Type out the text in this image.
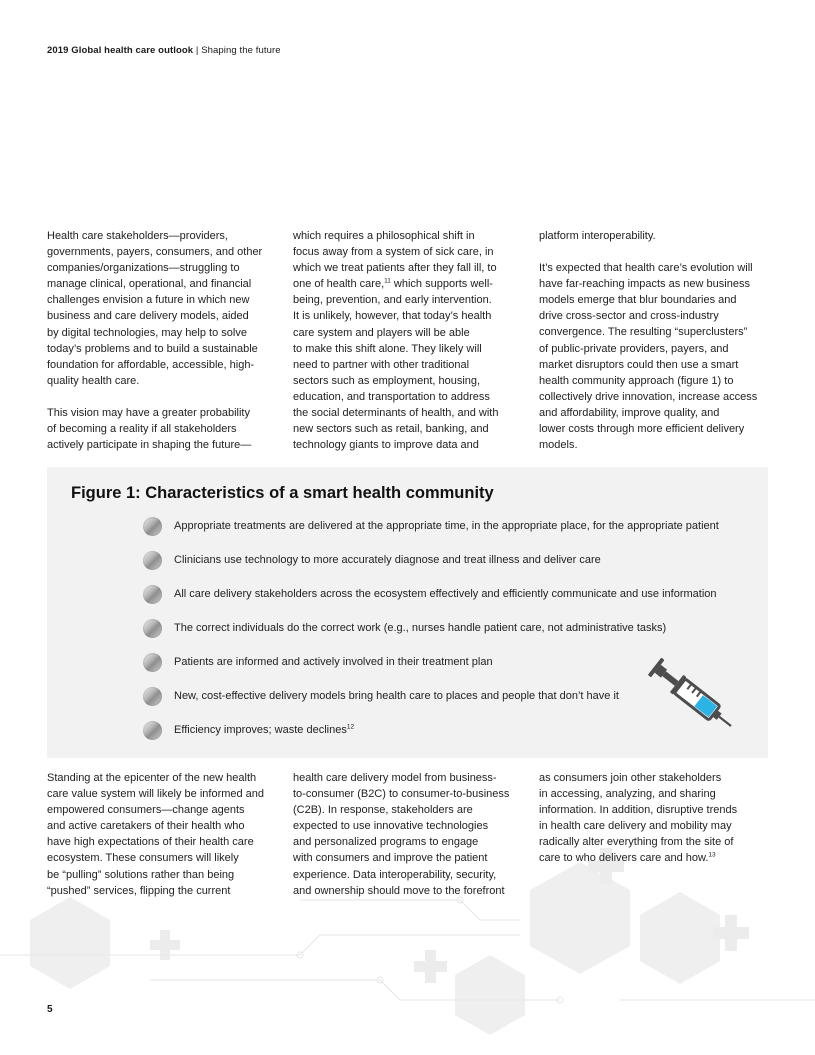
2019 Global health care outlook | Shaping the future

Health care stakeholders—providers,
governments, payers, consumers, and other
companies/organizations—struggling to
manage clinical, operational, and financial
challenges envision a future in which new
business and care delivery models, aided
by digital technologies, may help to solve
today’s problems and to build a sustainable
foundation for affordable, accessible, high-
quality health care.

This vision may have a greater probability
of becoming a reality if all stakeholders
actively participate in shaping the future—

which requires a philosophical shift in
focus away from a system of sick care, in
which we treat patients after they fall ill, to
one of health care,$^{11}$ which supports well-
being, prevention, and early intervention.
It is unlikely, however, that today’s health
care system and players will be able
to make this shift alone. They likely will
need to partner with other traditional
sectors such as employment, housing,
education, and transportation to address
the social determinants of health, and with
new sectors such as retail, banking, and
technology giants to improve data and

platform interoperability.

It’s expected that health care’s evolution will
have far-reaching impacts as new business
models emerge that blur boundaries and
drive cross-sector and cross-industry
convergence. The resulting “superclusters”
of public-private providers, payers, and
market disruptors could then use a smart
health community approach (figure 1) to
collectively drive innovation, increase access
and affordability, improve quality, and
lower costs through more efficient delivery
models.

Figure 1: Characteristics of a smart health community
Appropriate treatments are delivered at the appropriate time, in the appropriate place, for the appropriate patient
Clinicians use technology to more accurately diagnose and treat illness and deliver care
All care delivery stakeholders across the ecosystem effectively and efficiently communicate and use information
The correct individuals do the correct work (e.g., nurses handle patient care, not administrative tasks)
Patients are informed and actively involved in their treatment plan
New, cost-effective delivery models bring health care to places and people that don’t have it
Efficiency improves; waste declines$^{12}$

Standing at the epicenter of the new health
care value system will likely be informed and
empowered consumers—change agents
and active caretakers of their health who
have high expectations of their health care
ecosystem. These consumers will likely
be “pulling” solutions rather than being
“pushed” services, flipping the current

health care delivery model from business-
to-consumer (B2C) to consumer-to-business
(C2B). In response, stakeholders are
expected to use innovative technologies
and personalized programs to engage
with consumers and improve the patient
experience. Data interoperability, security,
and ownership should move to the forefront

as consumers join other stakeholders
in accessing, analyzing, and sharing
information. In addition, disruptive trends
in health care delivery and mobility may
radically alter everything from the site of
care to who delivers care and how.$^{13}$

5
